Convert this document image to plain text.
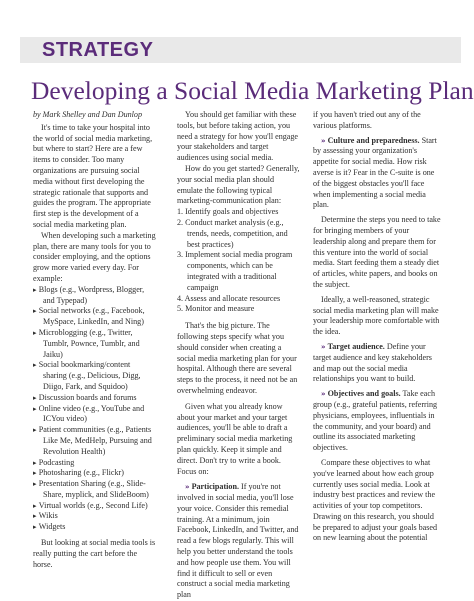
STRATEGY
Developing a Social Media Marketing Plan

by Mark Shelley and Dan Dunlop

It's time to take your hospital into the world of social media marketing, but where to start? Here are a few items to consider. Too many organizations are pursuing social media without first developing the strategic rationale that supports and guides the program. The appropriate first step is the development of a social media marketing plan.

When developing such a marketing plan, there are many tools for you to consider employing, and the options grow more varied every day. For example:

▸ Blogs (e.g., Wordpress, Blogger, and Typepad)

▸ Social networks (e.g., Facebook, MySpace, LinkedIn, and Ning)

▸ Microblogging (e.g., Twitter, Tumblr, Pownce, Tumblr, and Jaiku)

▸ Social bookmarking/content sharing (e.g., Delicious, Digg, Diigo, Fark, and Squidoo)

▸ Discussion boards and forums

▸ Online video (e.g., YouTube and ICYou video)

▸ Patient communities (e.g., Patients Like Me, MedHelp, Pursuing and Revolution Health)

▸ Podcasting

▸ Photosharing (e.g., Flickr)

▸ Presentation Sharing (e.g., Slide-Share, myplick, and SlideBoom)

▸ Virtual worlds (e.g., Second Life)

▸ Wikis

▸ Widgets

But looking at social media tools is really putting the cart before the horse.

You should get familiar with these tools, but before taking action, you need a strategy for how you'll engage your stakeholders and target audiences using social media.

How do you get started? Generally, your social media plan should emulate the following typical marketing-communication plan:

1. Identify goals and objectives

2. Conduct market analysis (e.g., trends, needs, competition, and best practices)

3. Implement social media program components, which can be integrated with a traditional campaign

4. Assess and allocate resources

5. Monitor and measure

That's the big picture. The following steps specify what you should consider when creating a social media marketing plan for your hospital. Although there are several steps to the process, it need not be an overwhelming endeavor.

Given what you already know about your market and your target audiences, you'll be able to draft a preliminary social media marketing plan quickly. Keep it simple and direct. Don't try to write a book. Focus on:

» Participation. If you're not involved in social media, you'll lose your voice. Consider this remedial training. At a minimum, join Facebook, LinkedIn, and Twitter, and read a few blogs regularly. This will help you better understand the tools and how people use them. You will find it difficult to sell or even construct a social media marketing plan

if you haven't tried out any of the various platforms.

» Culture and preparedness. Start by assessing your organization's appetite for social media. How risk averse is it? Fear in the C-suite is one of the biggest obstacles you'll face when implementing a social media plan.

Determine the steps you need to take for bringing members of your leadership along and prepare them for this venture into the world of social media. Start feeding them a steady diet of articles, white papers, and books on the subject.

Ideally, a well-reasoned, strategic social media marketing plan will make your leadership more comfortable with the idea.

» Target audience. Define your target audience and key stakeholders and map out the social media relationships you want to build.

» Objectives and goals. Take each group (e.g., grateful patients, referring physicians, employees, influentials in the community, and your board) and outline its associated marketing objectives.

Compare these objectives to what you've learned about how each group currently uses social media. Look at industry best practices and review the activities of your top competitors. Drawing on this research, you should be prepared to adjust your goals based on new learning about the potential
